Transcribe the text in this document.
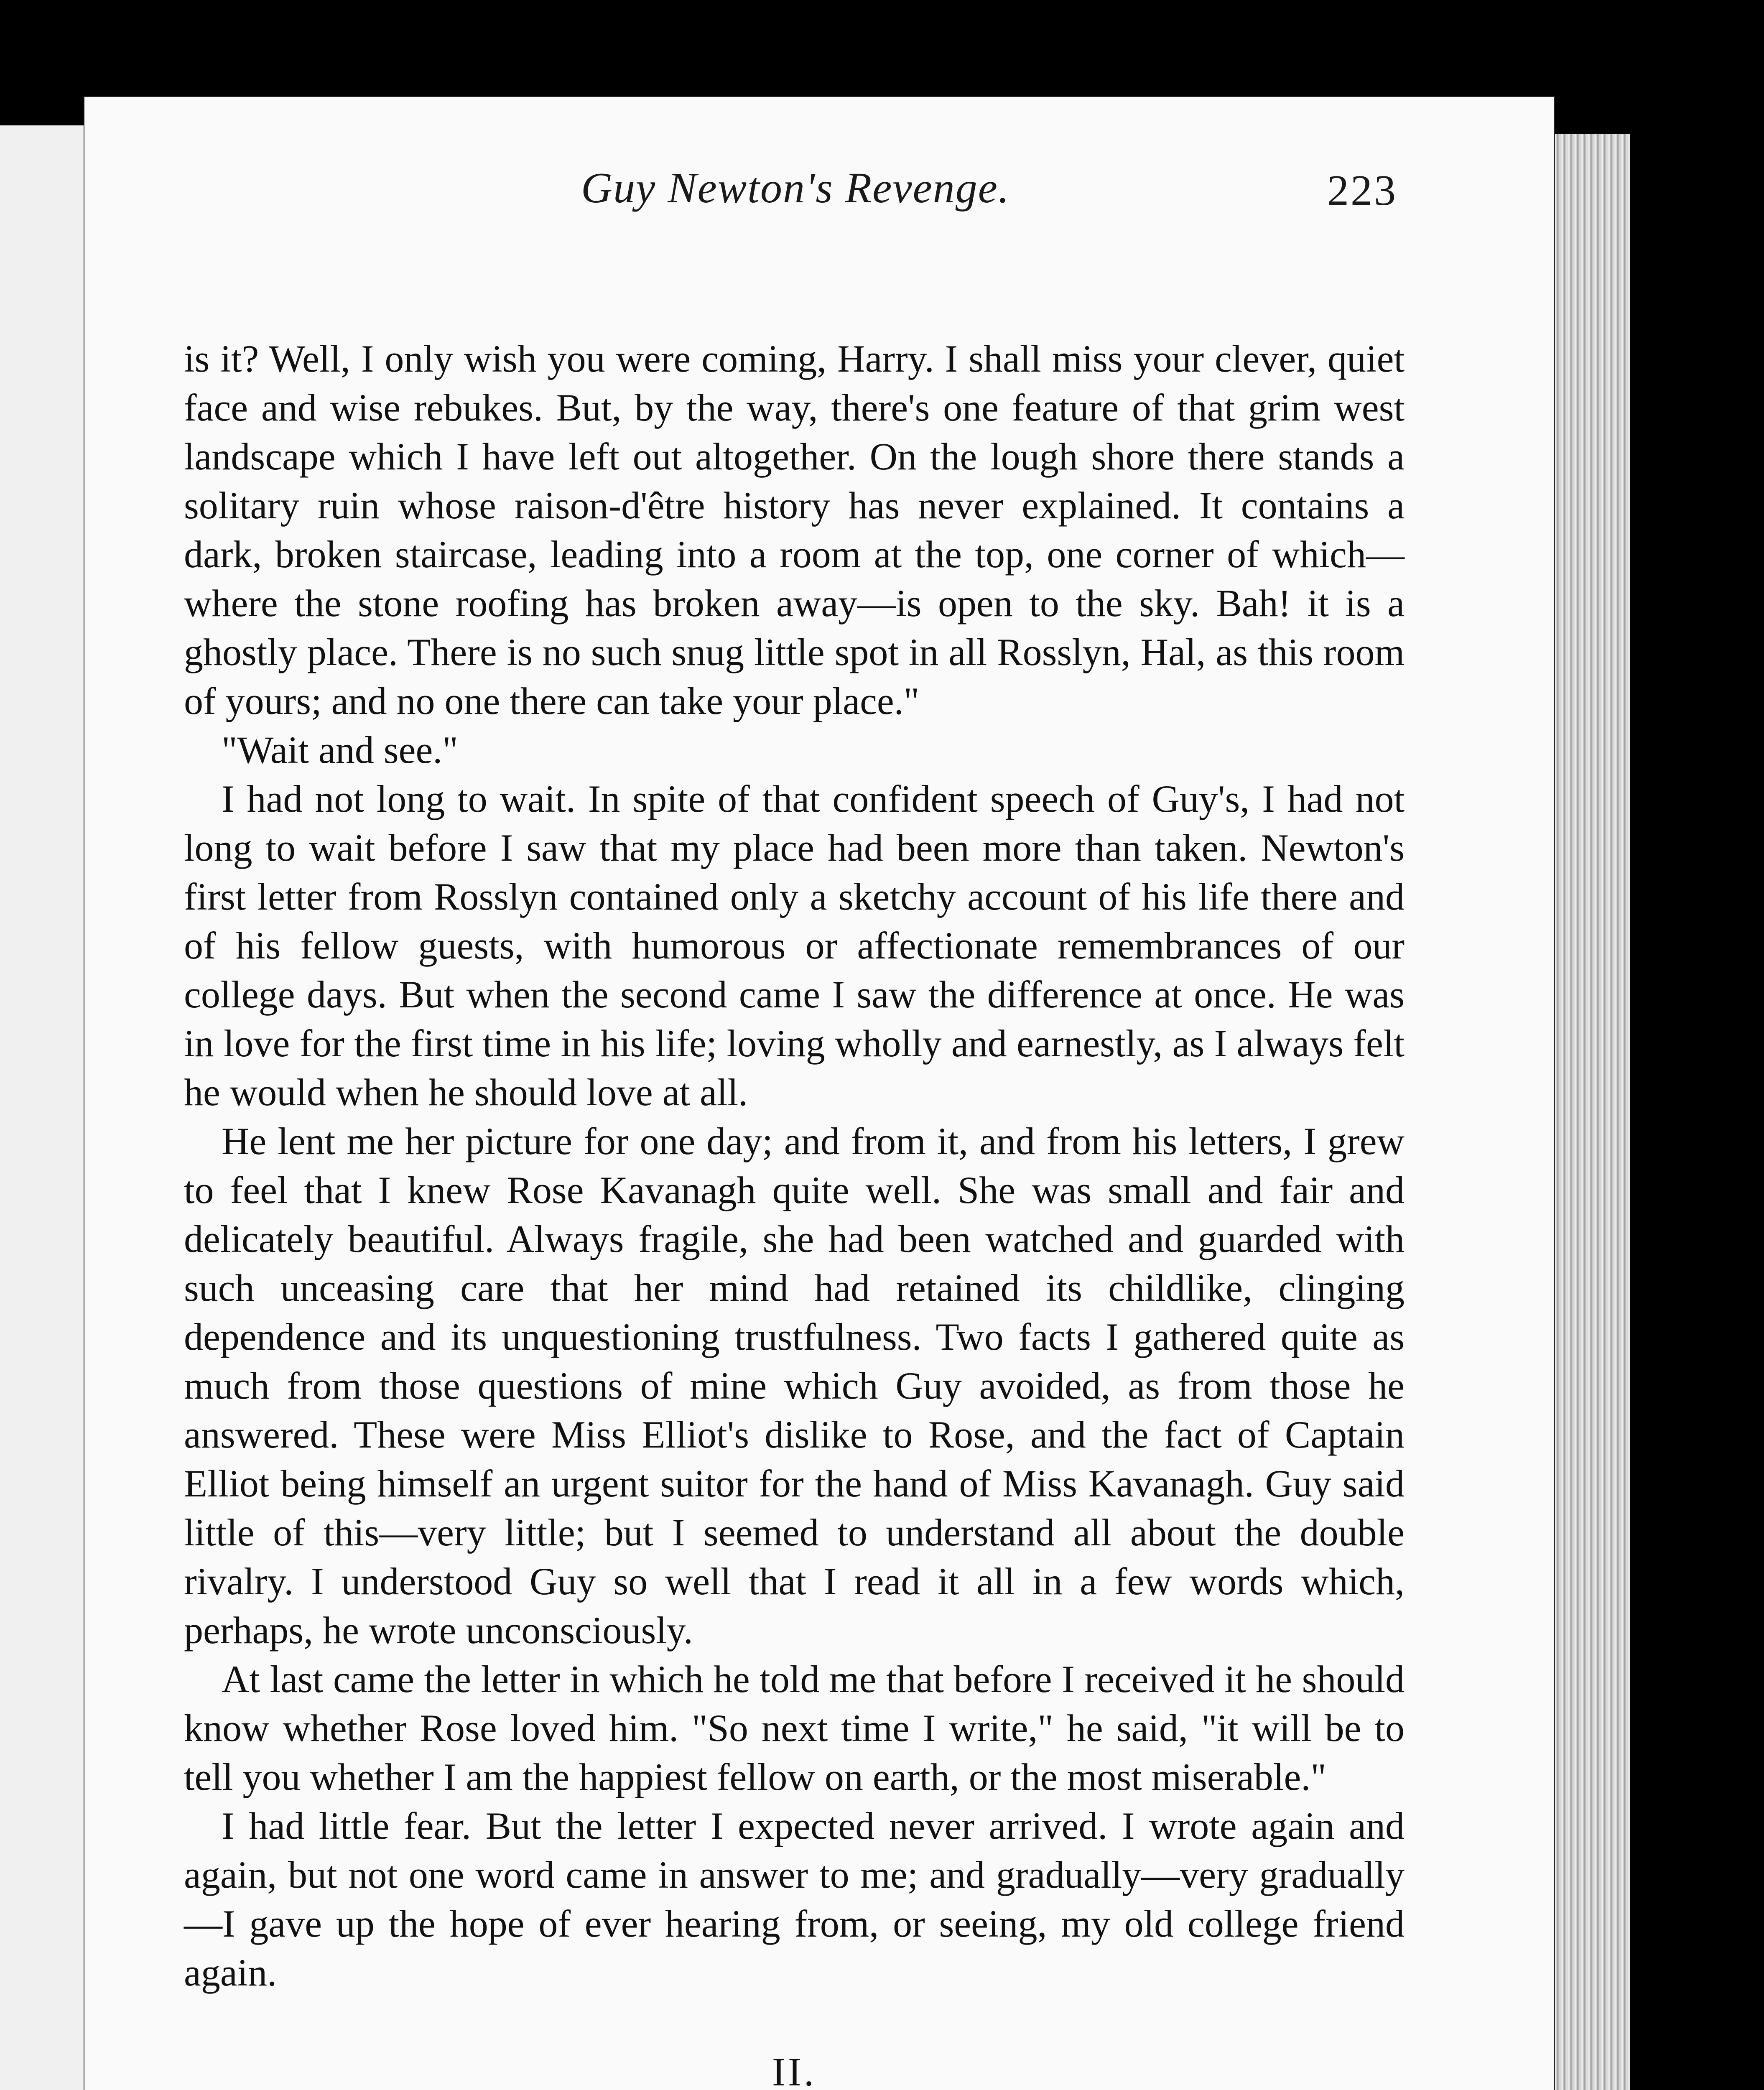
Guy Newton's Revenge.	223

is it? Well, I only wish you were coming, Harry. I shall miss your clever, quiet face and wise rebukes. But, by the way, there's one feature of that grim west landscape which I have left out altogether. On the lough shore there stands a solitary ruin whose raison-d'être history has never explained. It contains a dark, broken staircase, leading into a room at the top, one corner of which—where the stone roofing has broken away—is open to the sky. Bah! it is a ghostly place. There is no such snug little spot in all Rosslyn, Hal, as this room of yours; and no one there can take your place."

"Wait and see."

I had not long to wait. In spite of that confident speech of Guy's, I had not long to wait before I saw that my place had been more than taken. Newton's first letter from Rosslyn contained only a sketchy account of his life there and of his fellow guests, with humorous or affectionate remembrances of our college days. But when the second came I saw the difference at once. He was in love for the first time in his life; loving wholly and earnestly, as I always felt he would when he should love at all.

He lent me her picture for one day; and from it, and from his letters, I grew to feel that I knew Rose Kavanagh quite well. She was small and fair and delicately beautiful. Always fragile, she had been watched and guarded with such unceasing care that her mind had retained its childlike, clinging dependence and its unquestioning trustfulness. Two facts I gathered quite as much from those questions of mine which Guy avoided, as from those he answered. These were Miss Elliot's dislike to Rose, and the fact of Captain Elliot being himself an urgent suitor for the hand of Miss Kavanagh. Guy said little of this—very little; but I seemed to understand all about the double rivalry. I understood Guy so well that I read it all in a few words which, perhaps, he wrote unconsciously.

At last came the letter in which he told me that before I received it he should know whether Rose loved him. "So next time I write," he said, "it will be to tell you whether I am the happiest fellow on earth, or the most miserable."

I had little fear. But the letter I expected never arrived. I wrote again and again, but not one word came in answer to me; and gradually—very gradually—I gave up the hope of ever hearing from, or seeing, my old college friend again.

II.
